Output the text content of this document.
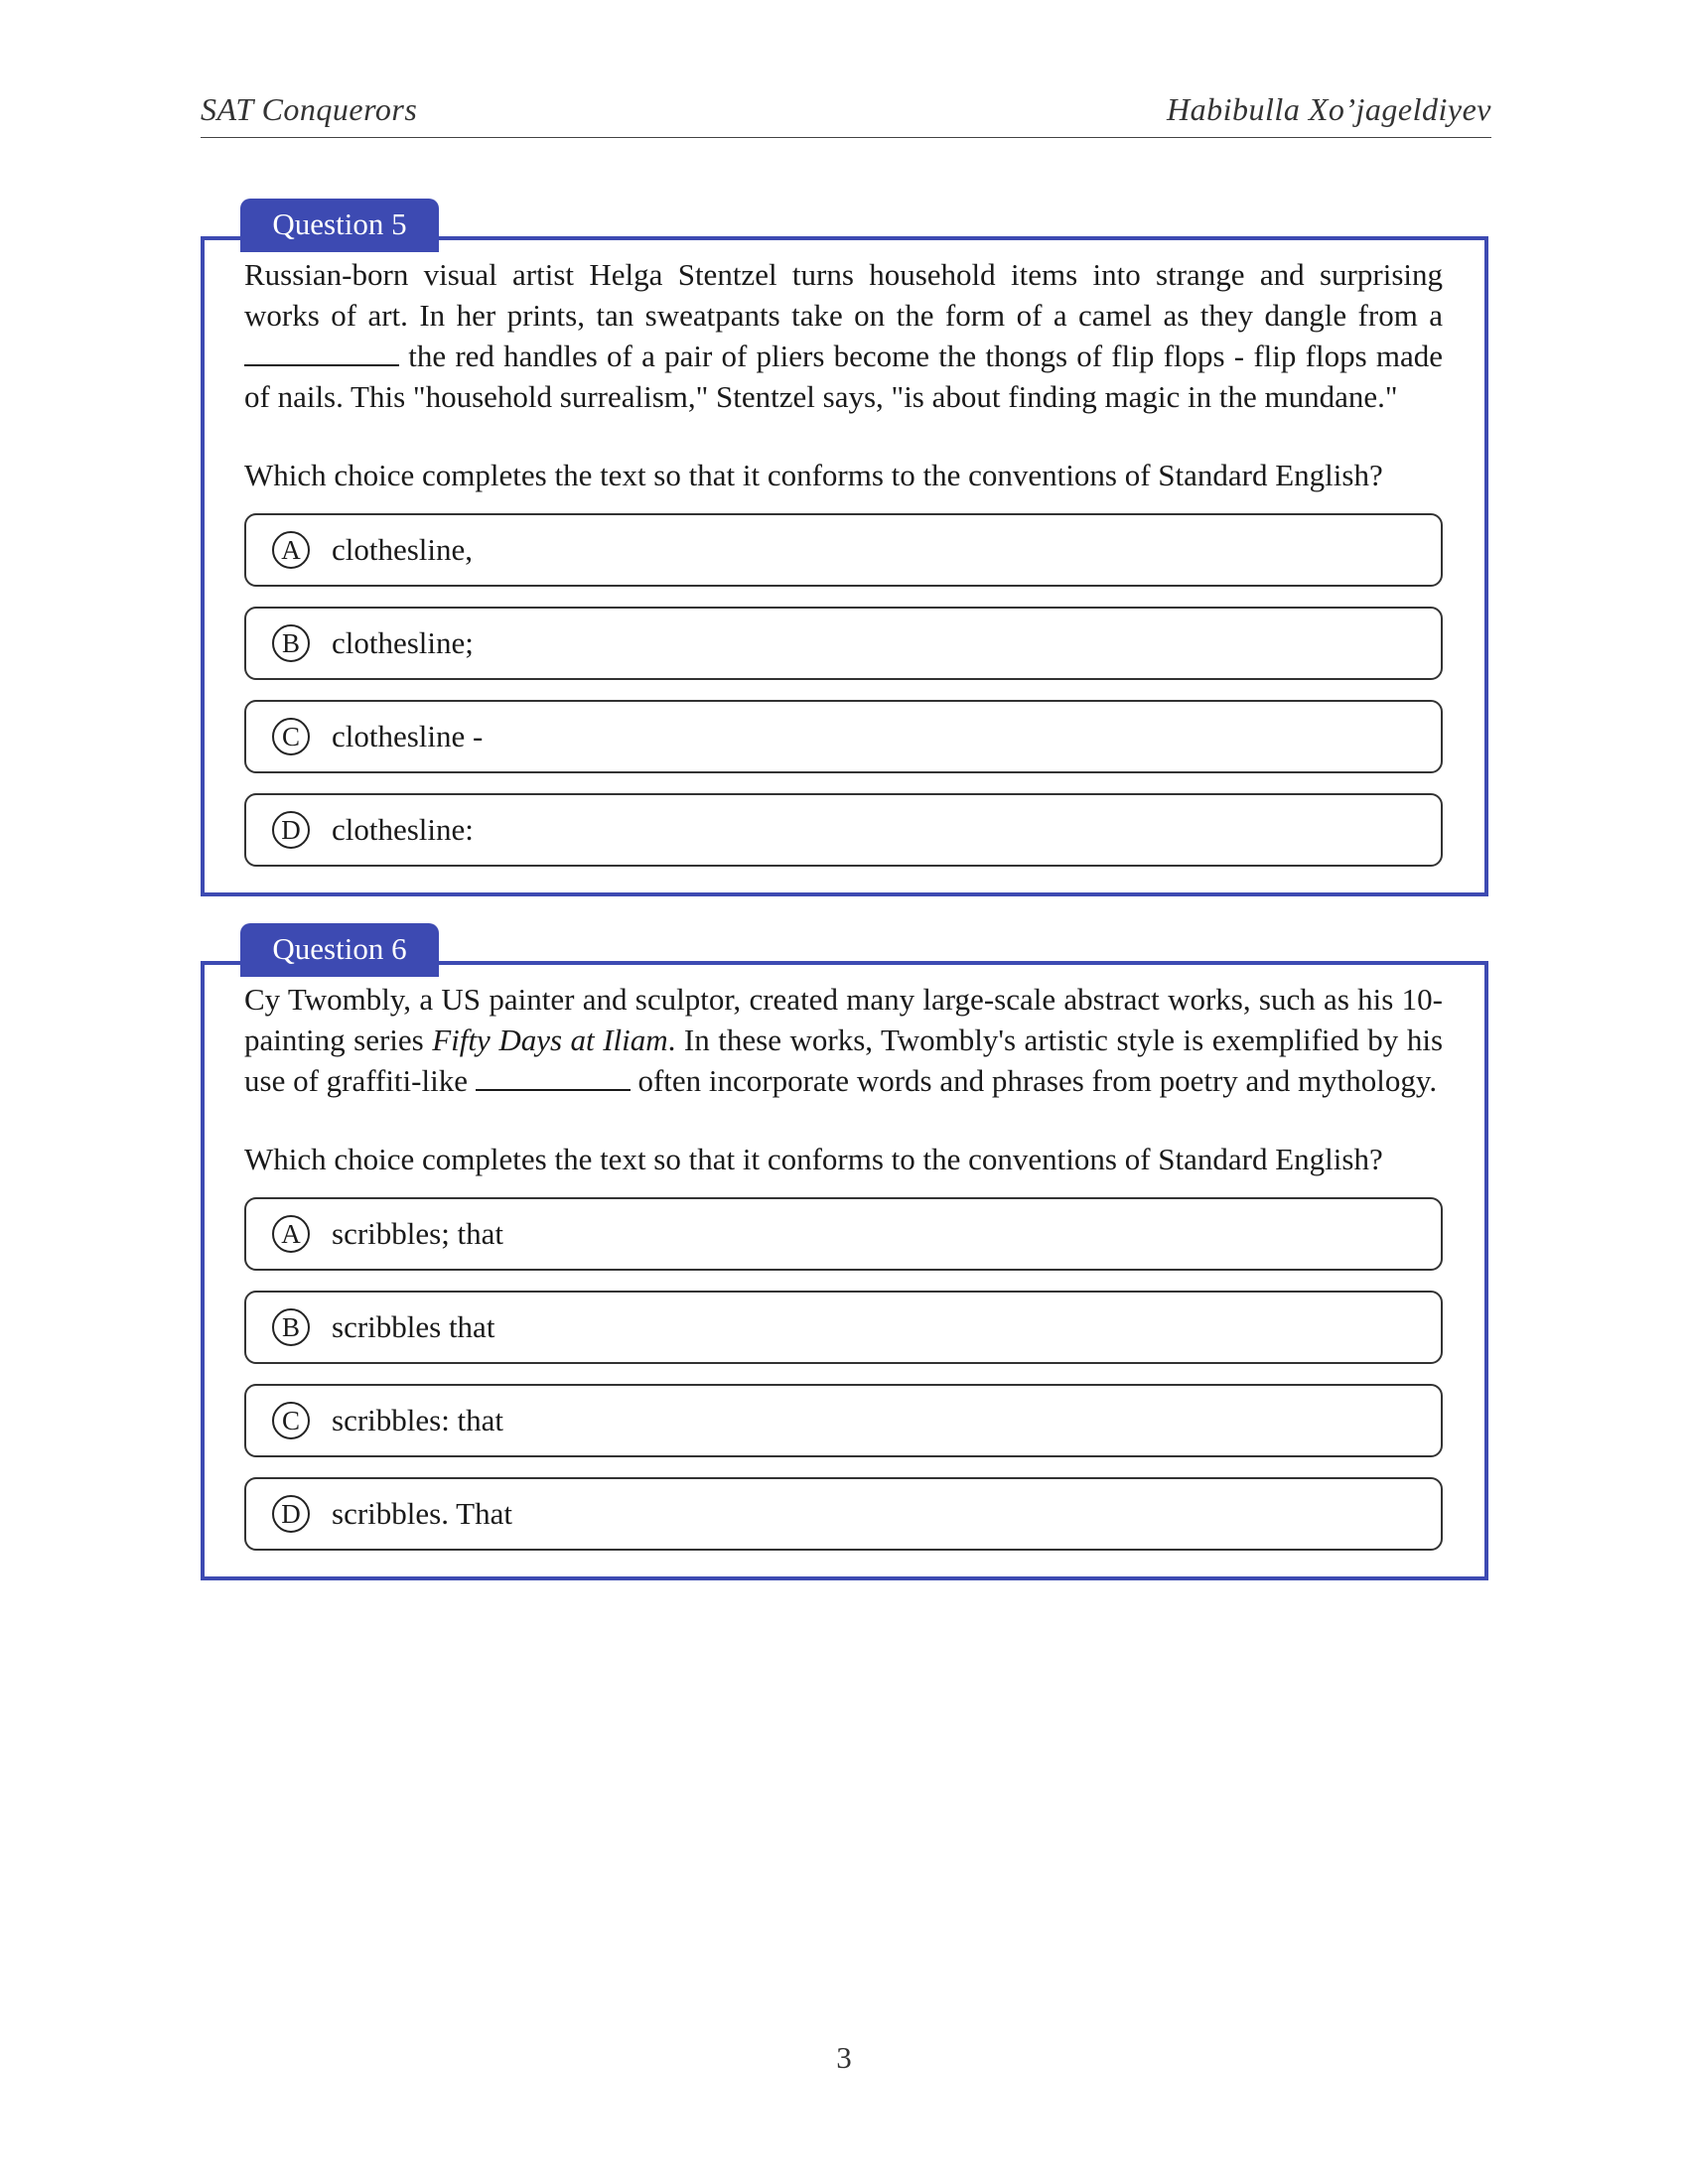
SAT Conquerors	Habibulla Xo’jageldiyev
Question 5

Russian-born visual artist Helga Stentzel turns household items into strange and surprising works of art. In her prints, tan sweatpants take on the form of a camel as they dangle from a  the red handles of a pair of pliers become the thongs of flip flops - flip flops made of nails. This "household surrealism," Stentzel says, "is about finding magic in the mundane."

Which choice completes the text so that it conforms to the conventions of Standard English?

A clothesline,
B	clothesline;
C	clothesline -
D clothesline:
Question 6

Cy Twombly, a US painter and sculptor, created many large-scale abstract works, such as his 10-painting series Fifty Days at Iliam. In these works, Twombly's artistic style is exemplified by his use of graffiti-like	often incorporate words and phrases from poetry and mythology.

Which choice completes the text so that it conforms to the conventions of Standard English?

A scribbles; that
B	scribbles that
C	scribbles: that
D scribbles. That
3
